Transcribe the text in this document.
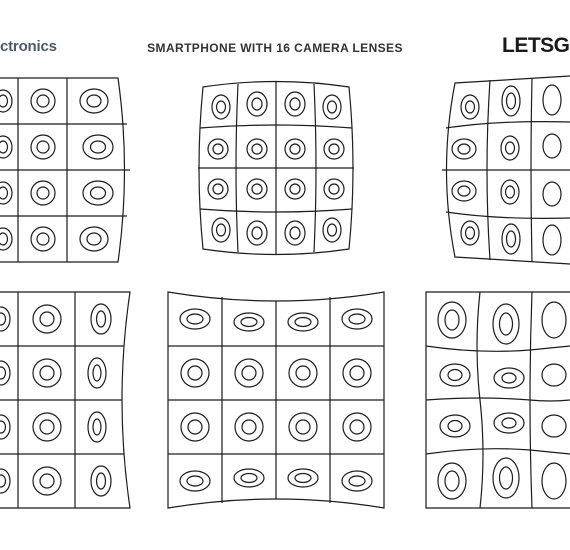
ctronics	SMARTPHONE WITH 16 CAMERA LENSES	LETSG
